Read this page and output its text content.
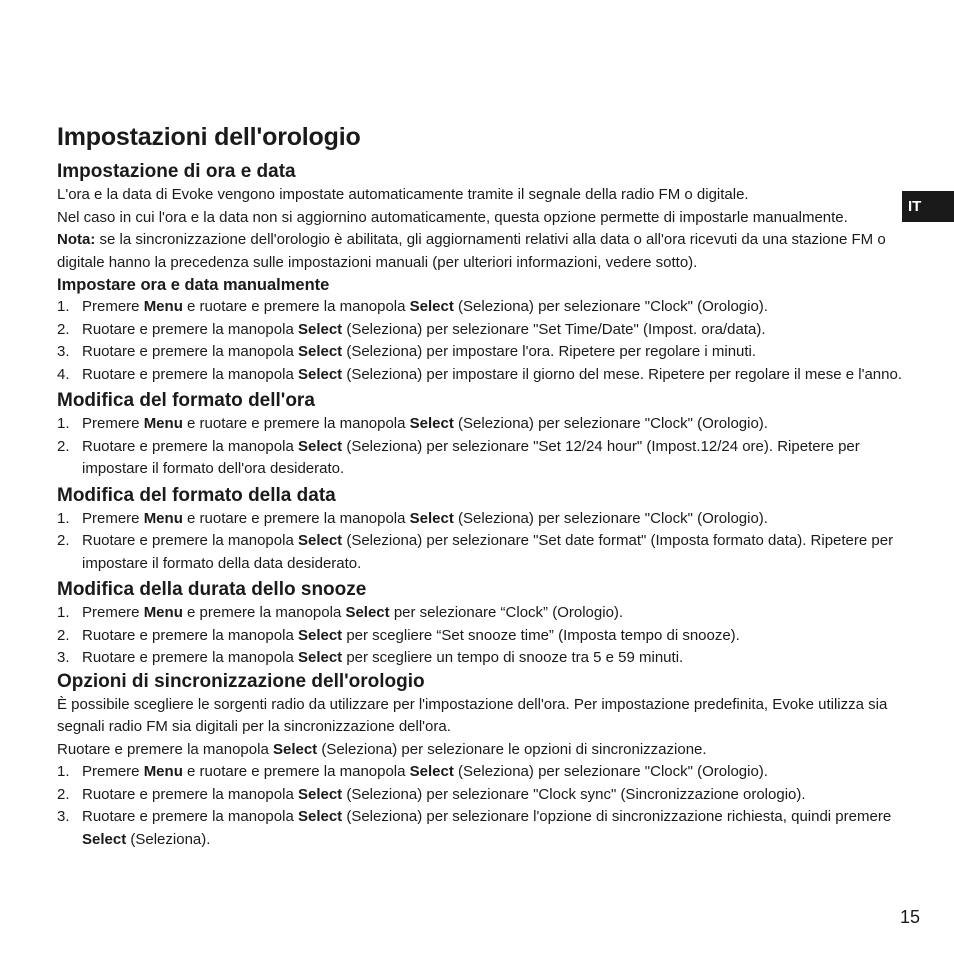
IT
Impostazioni dell'orologio
Impostazione di ora e data

L'ora e la data di Evoke vengono impostate automaticamente tramite il segnale della radio FM o digitale.

Nel caso in cui l'ora e la data non si aggiornino automaticamente, questa opzione permette di impostarle manualmente.

Nota: se la sincronizzazione dell'orologio è abilitata, gli aggiornamenti relativi alla data o all'ora ricevuti da una stazione FM o digitale hanno la precedenza sulle impostazioni manuali (per ulteriori informazioni, vedere sotto).

Impostare ora e data manualmente
1. Premere Menu e ruotare e premere la manopola Select (Seleziona) per selezionare "Clock" (Orologio).
2. Ruotare e premere la manopola Select (Seleziona) per selezionare "Set Time/Date" (Impost. ora/data).
3. Ruotare e premere la manopola Select (Seleziona) per impostare l'ora. Ripetere per regolare i minuti.
4. Ruotare e premere la manopola Select (Seleziona) per impostare il giorno del mese. Ripetere per regolare il mese e l'anno.
Modifica del formato dell'ora
1. Premere Menu e ruotare e premere la manopola Select (Seleziona) per selezionare "Clock" (Orologio).
2. Ruotare e premere la manopola Select (Seleziona) per selezionare "Set 12/24 hour" (Impost.12/24 ore). Ripetere per impostare il formato dell'ora desiderato.
Modifica del formato della data
1. Premere Menu e ruotare e premere la manopola Select (Seleziona) per selezionare "Clock" (Orologio).
2. Ruotare e premere la manopola Select (Seleziona) per selezionare "Set date format" (Imposta formato data). Ripetere per impostare il formato della data desiderato.
Modifica della durata dello snooze
1. Premere Menu e premere la manopola Select per selezionare “Clock” (Orologio).
2. Ruotare e premere la manopola Select per scegliere “Set snooze time” (Imposta tempo di snooze).
3. Ruotare e premere la manopola Select per scegliere un tempo di snooze tra 5 e 59 minuti.
Opzioni di sincronizzazione dell'orologio

È possibile scegliere le sorgenti radio da utilizzare per l'impostazione dell'ora. Per impostazione predefinita, Evoke utilizza sia segnali radio FM sia digitali per la sincronizzazione dell'ora.

Ruotare e premere la manopola Select (Seleziona) per selezionare le opzioni di sincronizzazione.

1. Premere Menu e ruotare e premere la manopola Select (Seleziona) per selezionare "Clock" (Orologio).
2. Ruotare e premere la manopola Select (Seleziona) per selezionare "Clock sync" (Sincronizzazione orologio).
3. Ruotare e premere la manopola Select (Seleziona) per selezionare l'opzione di sincronizzazione richiesta, quindi premere Select (Seleziona).
15
